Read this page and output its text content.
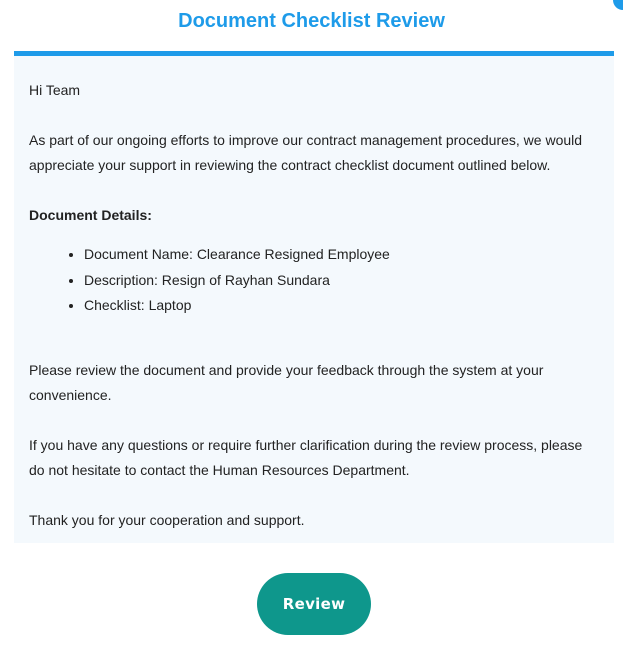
Document Checklist Review

Hi Team

As part of our ongoing efforts to improve our contract management procedures, we would appreciate your support in reviewing the contract checklist document outlined below.

Document Details:

• Document Name: Clearance Resigned Employee
• Description: Resign of Rayhan Sundara
• Checklist: Laptop

Please review the document and provide your feedback through the system at your convenience.

If you have any questions or require further clarification during the review process, please do not hesitate to contact the Human Resources Department.

Thank you for your cooperation and support.

Review
